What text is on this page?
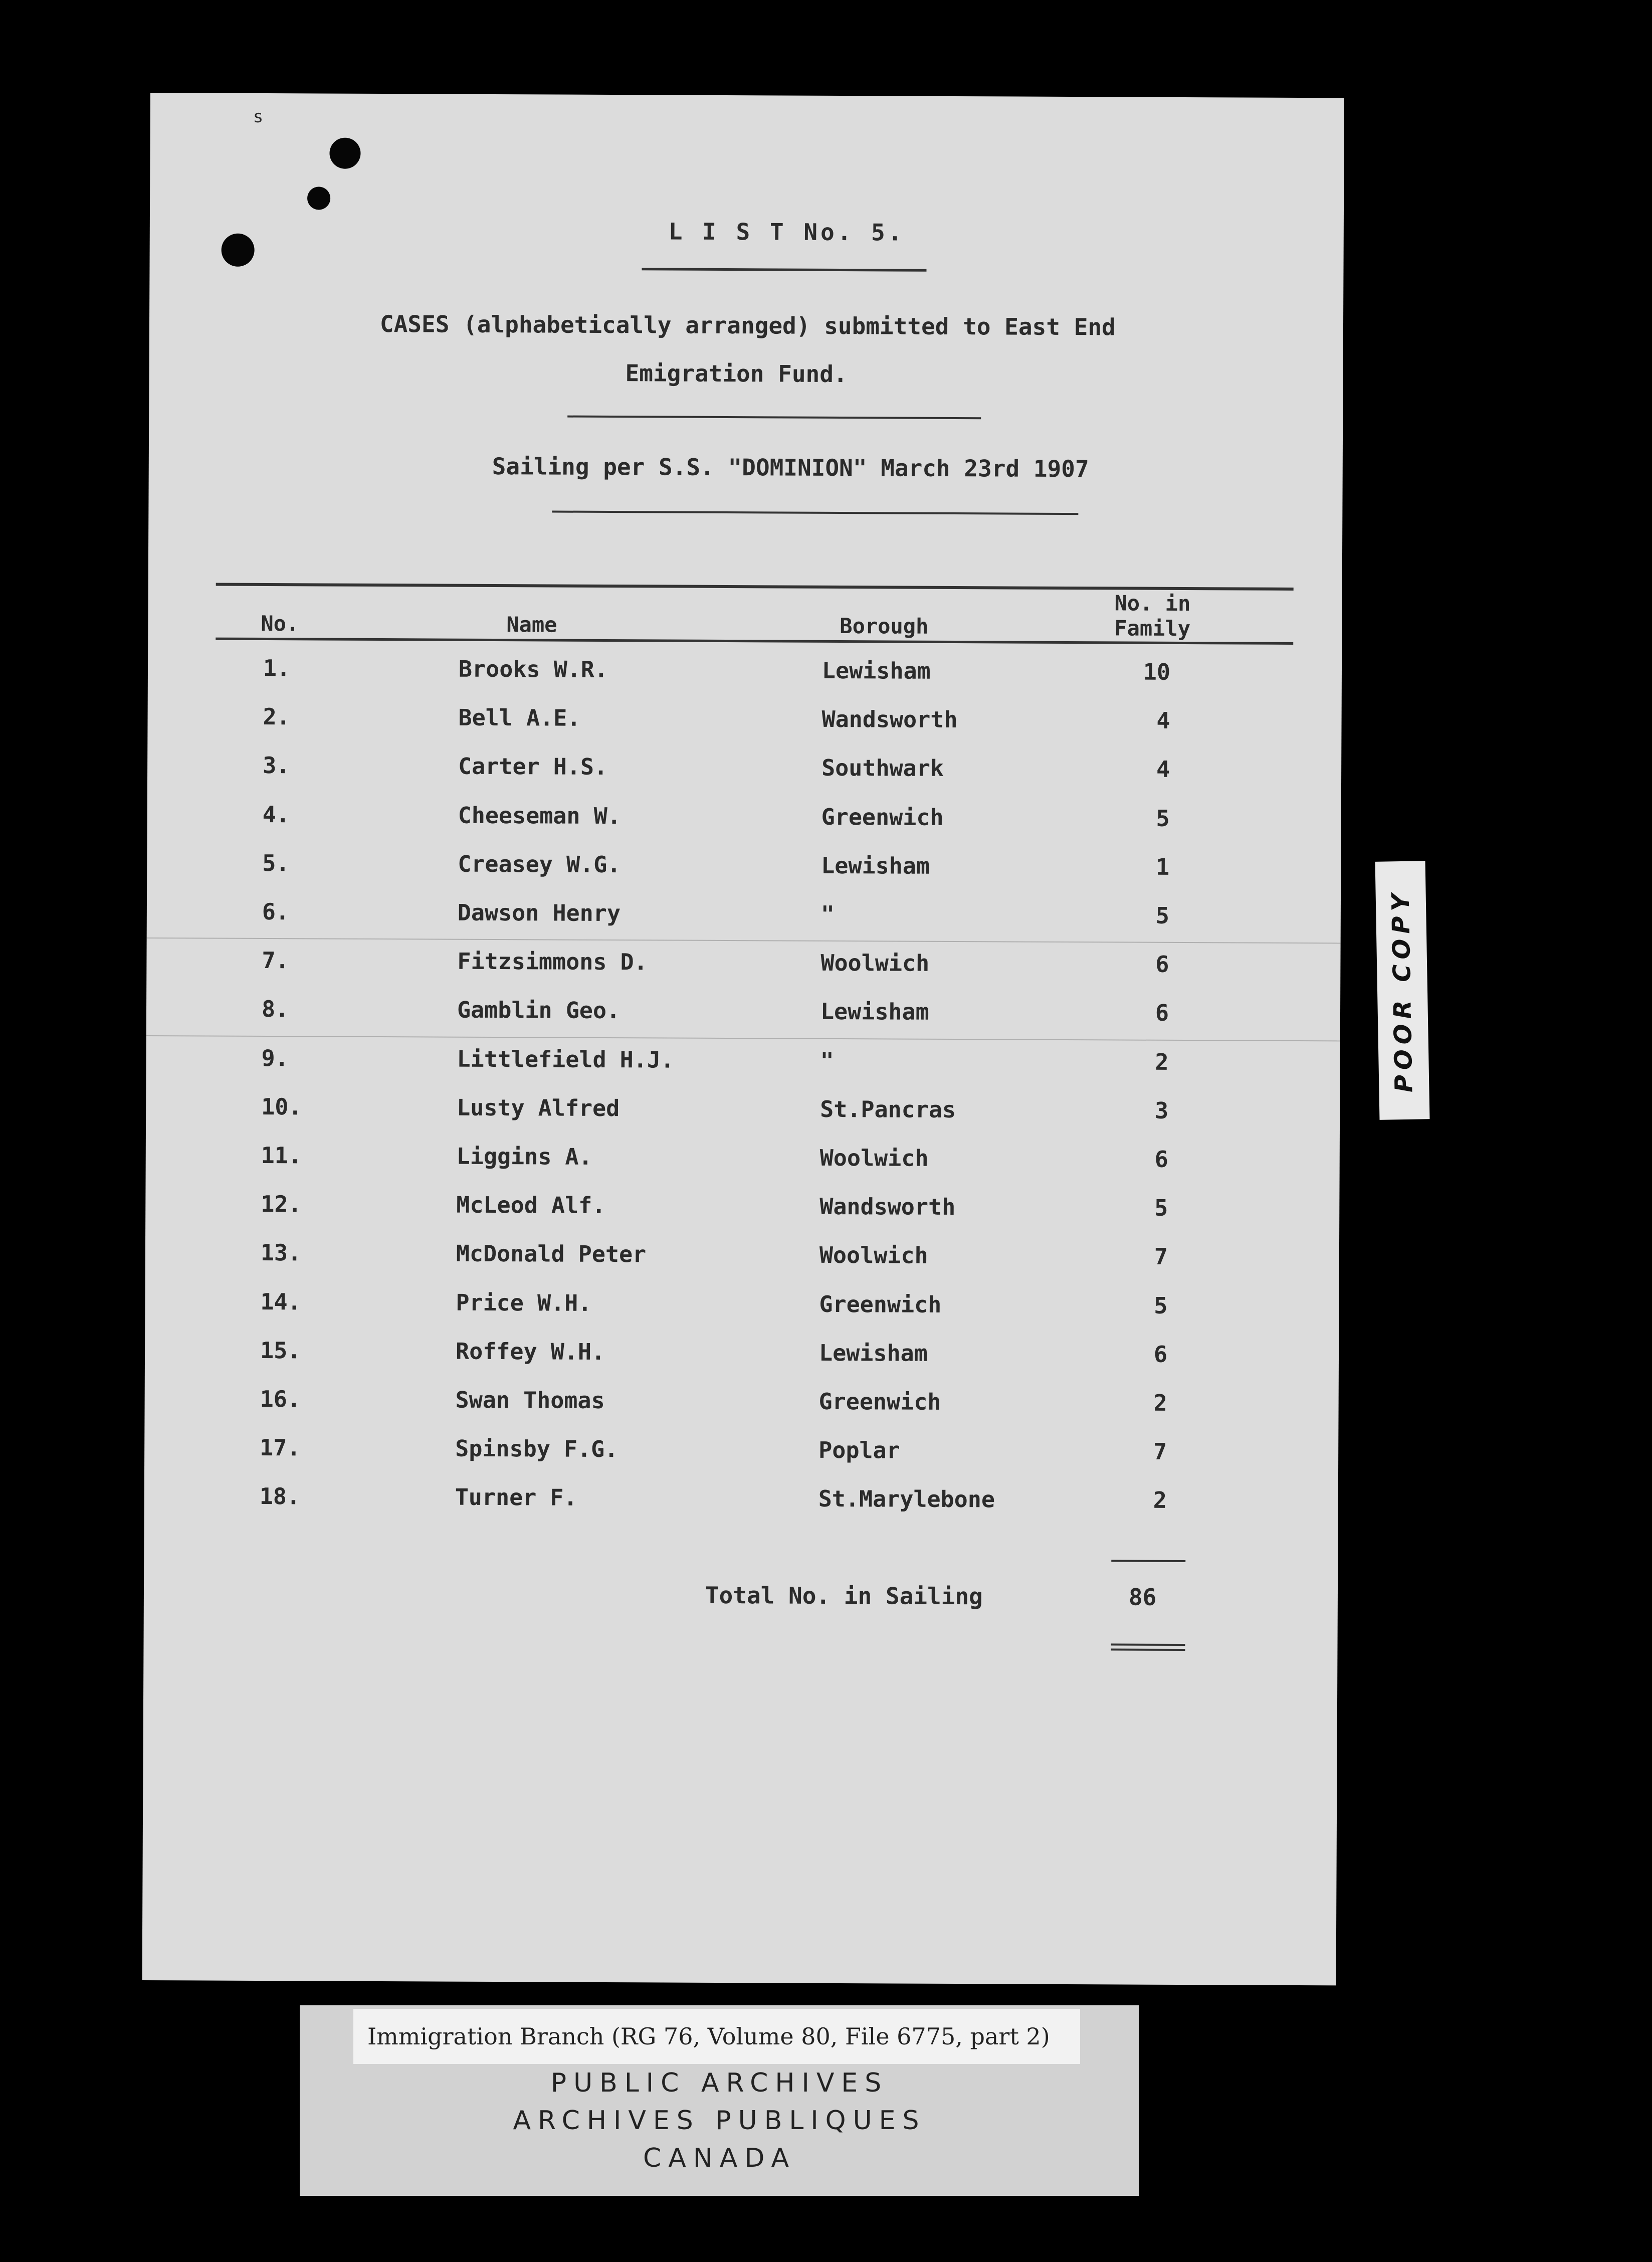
s
L I S T No. 5.
CASES (alphabetically arranged) submitted to East End
Emigration Fund.
Sailing per S.S. "DOMINION" March 23rd 1907
No.	Name	Borough
No. in
Family
1.	Brooks W.R.	Lewisham	10
2.	Bell A.E.	Wandsworth	4
3.	Carter H.S.	Southwark	4
4.	Cheeseman W.	Greenwich	5
5.	Creasey W.G.	Lewisham	1
6.	Dawson Henry	"	5
7.	Fitzsimmons D.	Woolwich	6
8.	Gamblin Geo.	Lewisham	6
9.	Littlefield H.J.	"	2
10.	Lusty Alfred	St.Pancras	3
11.	Liggins A.	Woolwich	6
12.	McLeod Alf.	Wandsworth	5
13.	McDonald Peter	Woolwich	7
14.	Price W.H.	Greenwich	5
15.	Roffey W.H.	Lewisham	6
16.	Swan Thomas	Greenwich	2
17.	Spinsby F.G.	Poplar	7
18.	Turner F.	St.Marylebone	2
Total No. in Sailing	86
POOR COPY
Immigration Branch (RG 76, Volume 80, File 6775, part 2)
PUBLIC ARCHIVES
ARCHIVES PUBLIQUES
CANADA
